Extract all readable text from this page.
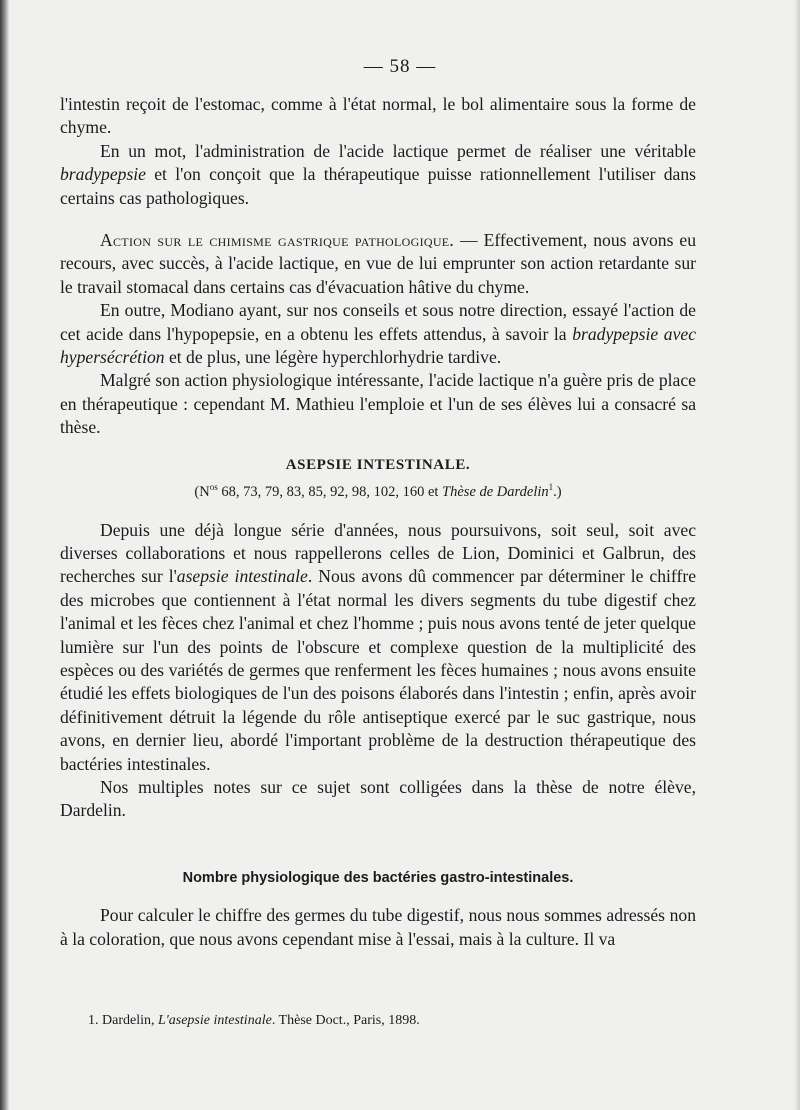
— 58 —

l'intestin reçoit de l'estomac, comme à l'état normal, le bol alimentaire sous la forme de chyme.

En un mot, l'administration de l'acide lactique permet de réaliser une véritable bradypepsie et l'on conçoit que la thérapeutique puisse rationnellement l'utiliser dans certains cas pathologiques.

Action sur le chimisme gastrique pathologique. — Effectivement, nous avons eu recours, avec succès, à l'acide lactique, en vue de lui emprunter son action retardante sur le travail stomacal dans certains cas d'évacuation hâtive du chyme.

En outre, Modiano ayant, sur nos conseils et sous notre direction, essayé l'action de cet acide dans l'hypopepsie, en a obtenu les effets attendus, à savoir la bradypepsie avec hypersécrétion et de plus, une légère hyperchlorhydrie tardive.

Malgré son action physiologique intéressante, l'acide lactique n'a guère pris de place en thérapeutique : cependant M. Mathieu l'emploie et l'un de ses élèves lui a consacré sa thèse.

ASEPSIE INTESTINALE.

($N^{os}$ 68, 73, 79, 83, 85, 92, 98, 102, 160 et Thèse de Dardelin$^1$.)

Depuis une déjà longue série d'années, nous poursuivons, soit seul, soit avec diverses collaborations et nous rappellerons celles de Lion, Dominici et Galbrun, des recherches sur l'asepsie intestinale. Nous avons dû commencer par déterminer le chiffre des microbes que contiennent à l'état normal les divers segments du tube digestif chez l'animal et les fèces chez l'animal et chez l'homme ; puis nous avons tenté de jeter quelque lumière sur l'un des points de l'obscure et complexe question de la multiplicité des espèces ou des variétés de germes que renferment les fèces humaines ; nous avons ensuite étudié les effets biologiques de l'un des poisons élaborés dans l'intestin ; enfin, après avoir définitivement détruit la légende du rôle antiseptique exercé par le suc gastrique, nous avons, en dernier lieu, abordé l'important problème de la destruction thérapeutique des bactéries intestinales.

Nos multiples notes sur ce sujet sont colligées dans la thèse de notre élève, Dardelin.

Nombre physiologique des bactéries gastro-intestinales.

Pour calculer le chiffre des germes du tube digestif, nous nous sommes adressés non à la coloration, que nous avons cependant mise à l'essai, mais à la culture. Il va

1. Dardelin, L'asepsie intestinale. Thèse Doct., Paris, 1898.
